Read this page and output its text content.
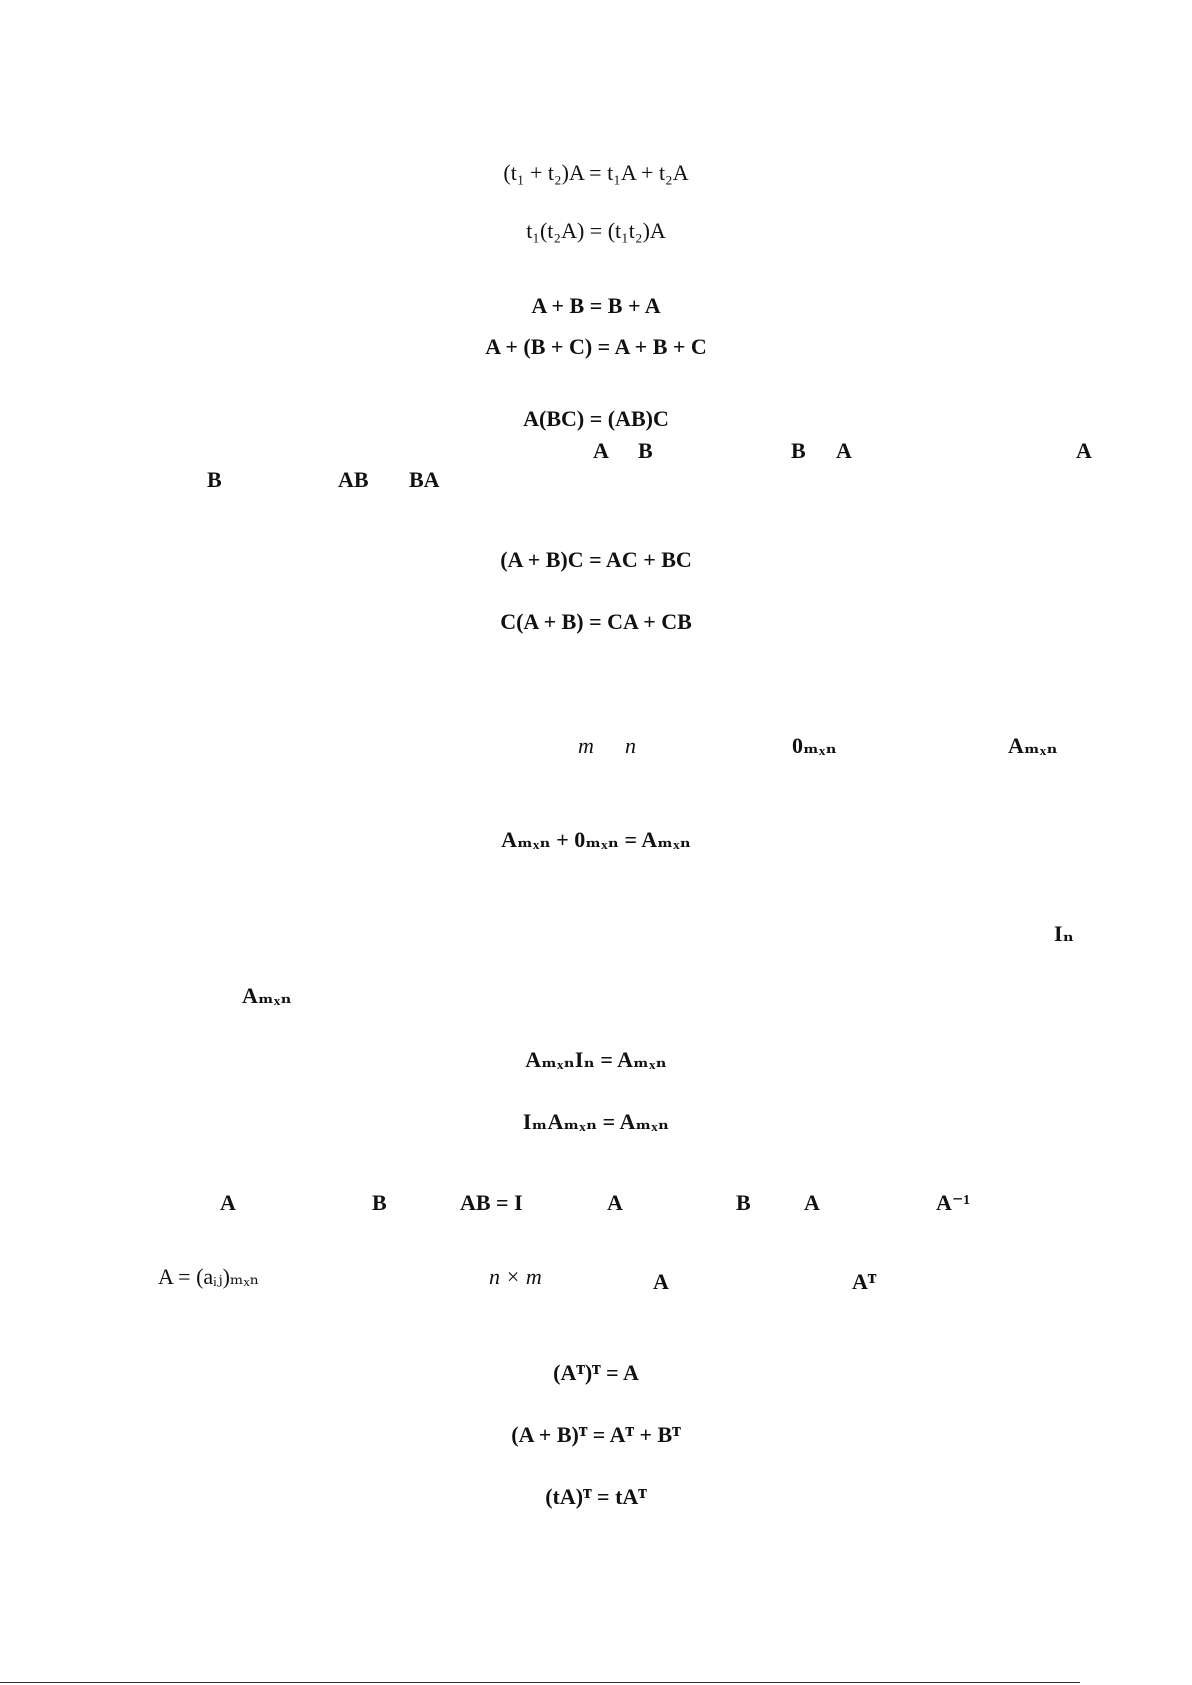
(t₁ + t₂)A = t₁A + t₂A
t₁(t₂A) = (t₁t₂)A
A + B = B + A
A + (B + C) = A + B + C
A(BC) = (AB)C
A B	B A	A
B	AB BA
(A + B)C = AC + BC
C(A + B) = CA + CB
m n	0ₘₓₙ	Aₘₓₙ
Aₘₓₙ + 0ₘₓₙ = Aₘₓₙ
Iₙ
Aₘₓₙ
AₘₓₙIₙ = Aₘₓₙ
IₘAₘₓₙ = Aₘₓₙ
A	B	AB = I	A	B A	A⁻¹
A = (aᵢⱼ)ₘₓₙ	n × m	A	Aᵀ
(Aᵀ)ᵀ = A
(A + B)ᵀ = Aᵀ + Bᵀ
(tA)ᵀ = tAᵀ
